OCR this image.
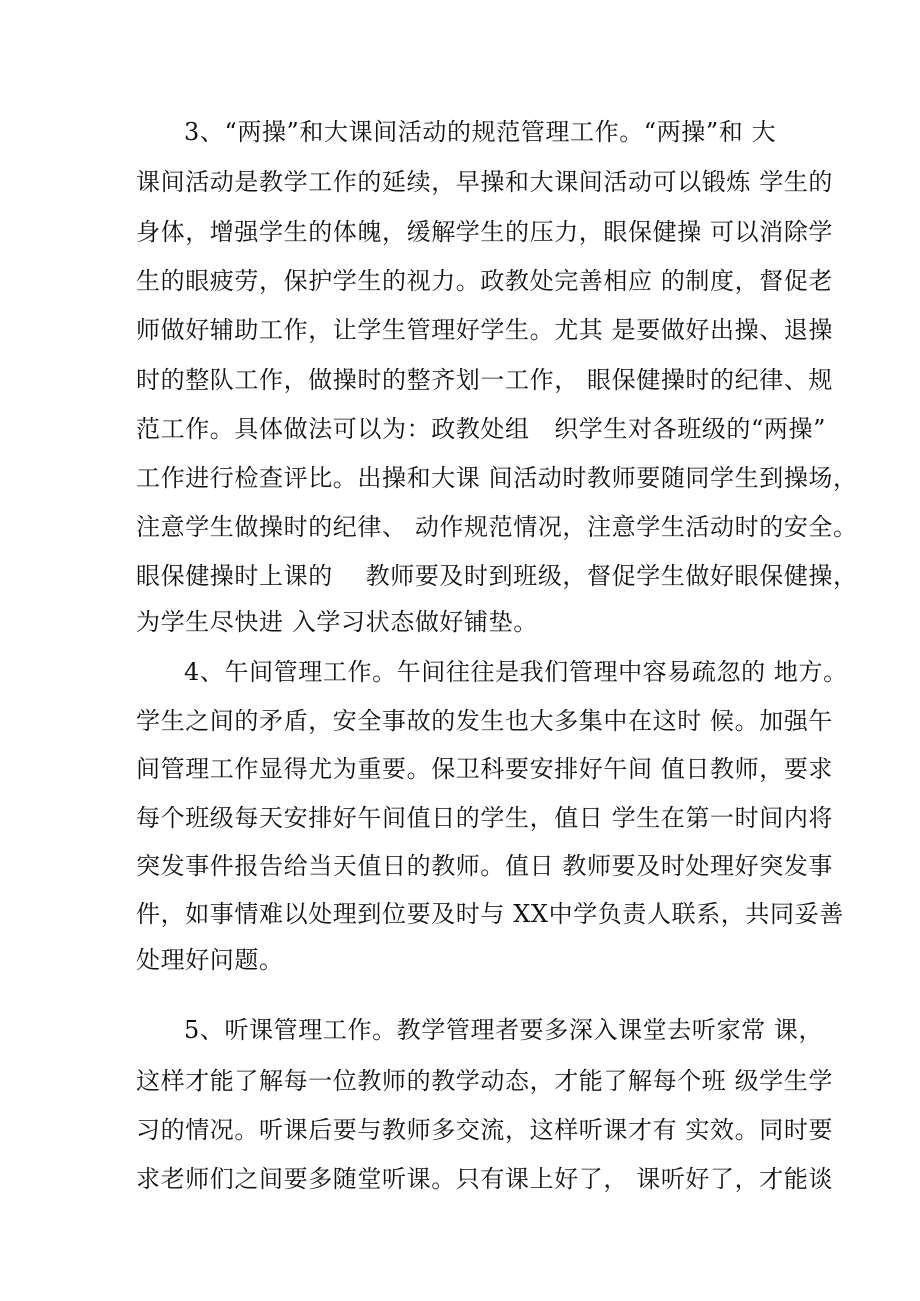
3、“两操”和大课间活动的规范管理工作。“两操”和 大
课间活动是教学工作的延续，早操和大课间活动可以锻炼 学生的
身体，增强学生的体魄，缓解学生的压力，眼保健操 可以消除学
生的眼疲劳，保护学生的视力。政教处完善相应 的制度，督促老
师做好辅助工作，让学生管理好学生。尤其 是要做好出操、退操
时的整队工作，做操时的整齐划一工作， 眼保健操时的纪律、规
范工作。具体做法可以为：政教处组　织学生对各班级的“两操”
工作进行检查评比。出操和大课 间活动时教师要随同学生到操场，
注意学生做操时的纪律、 动作规范情况，注意学生活动时的安全。
眼保健操时上课的　 教师要及时到班级，督促学生做好眼保健操，
为学生尽快进 入学习状态做好铺垫。
4、午间管理工作。午间往往是我们管理中容易疏忽的 地方。
学生之间的矛盾，安全事故的发生也大多集中在这时 候。加强午
间管理工作显得尤为重要。保卫科要安排好午间 值日教师，要求
每个班级每天安排好午间值日的学生，值日 学生在第一时间内将
突发事件报告给当天值日的教师。值日 教师要及时处理好突发事
件，如事情难以处理到位要及时与 XX中学负责人联系，共同妥善
处理好问题。
5、听课管理工作。教学管理者要多深入课堂去听家常 课，
这样才能了解每一位教师的教学动态，才能了解每个班 级学生学
习的情况。听课后要与教师多交流，这样听课才有 实效。同时要
求老师们之间要多随堂听课。只有课上好了， 课听好了，才能谈
